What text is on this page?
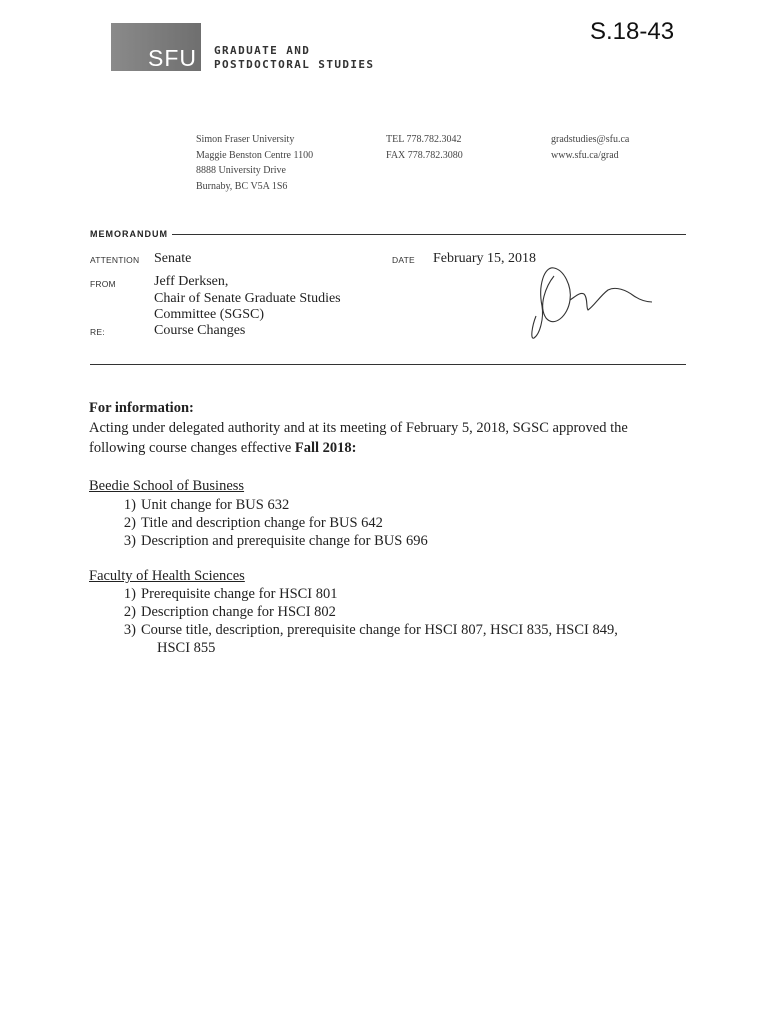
S.18-43
SFU GRADUATE AND
POSTDOCTORAL STUDIES
Simon Fraser University
Maggie Benston Centre 1100
8888 University Drive
Burnaby, BC V5A 1S6
TEL 778.782.3042
FAX 778.782.3080
gradstudies@sfu.ca
www.sfu.ca/grad
MEMORANDUM
ATTENTION Senate	DATE February 15, 2018
FROM	Jeff Derksen,
Chair of Senate Graduate Studies
Committee (SGSC)
RE:	Course Changes
For information:
Acting under delegated authority and at its meeting of February 5, 2018, SGSC approved the
following course changes effective Fall 2018:
Beedie School of Business
1) Unit change for BUS 632
2) Title and description change for BUS 642
3) Description and prerequisite change for BUS 696
Faculty of Health Sciences
1) Prerequisite change for HSCI 801
2) Description change for HSCI 802
3) Course title, description, prerequisite change for HSCI 807, HSCI 835, HSCI 849,
HSCI 855
